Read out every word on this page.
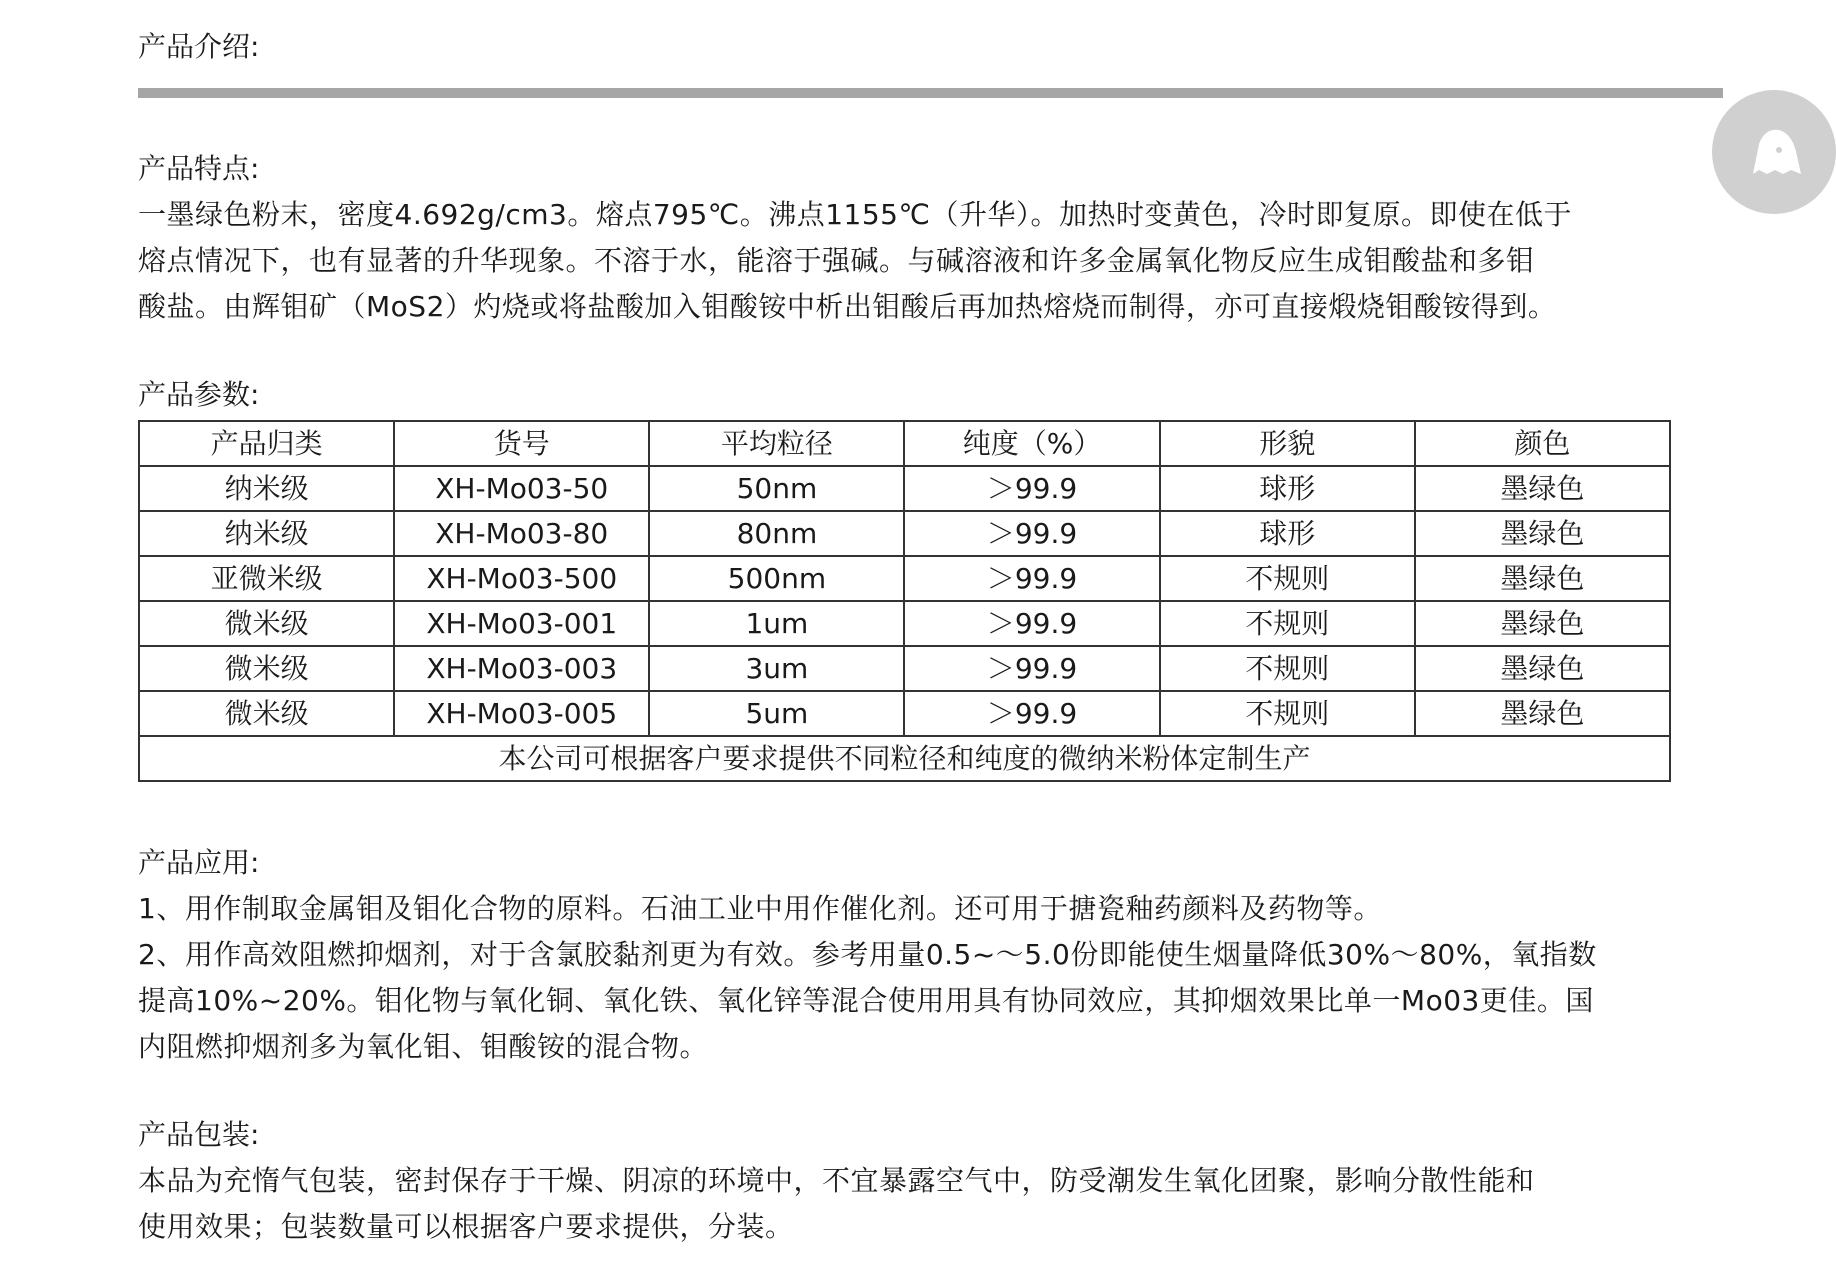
产品介绍:

产品特点:

一墨绿色粉末，密度4.692g/cm3。熔点795℃。沸点1155℃（升华）。加热时变黄色，冷时即复原。即使在低于

熔点情况下，也有显著的升华现象。不溶于水，能溶于强碱。与碱溶液和许多金属氧化物反应生成钼酸盐和多钼

酸盐。由辉钼矿（MoS2）灼烧或将盐酸加入钼酸铵中析出钼酸后再加热熔烧而制得，亦可直接煅烧钼酸铵得到。

产品参数:

产品归类	货号	平均粒径	纯度（%）	形貌	颜色
纳米级	XH-Mo03-50	50nm	＞99.9	球形	墨绿色
纳米级	XH-Mo03-80	80nm	＞99.9	球形	墨绿色
亚微米级	XH-Mo03-500	500nm	＞99.9	不规则	墨绿色
微米级	XH-Mo03-001	1um	＞99.9	不规则	墨绿色
微米级	XH-Mo03-003	3um	＞99.9	不规则	墨绿色
微米级	XH-Mo03-005	5um	＞99.9	不规则	墨绿色
本公司可根据客户要求提供不同粒径和纯度的微纳米粉体定制生产					

产品应用:

1、用作制取金属钼及钼化合物的原料。石油工业中用作催化剂。还可用于搪瓷釉药颜料及药物等。

2、用作高效阻燃抑烟剂，对于含氯胶黏剂更为有效。参考用量0.5~～5.0份即能使生烟量降低30%～80%，氧指数

提高10%~20%。钼化物与氧化铜、氧化铁、氧化锌等混合使用用具有协同效应，其抑烟效果比单一Mo03更佳。国

内阻燃抑烟剂多为氧化钼、钼酸铵的混合物。

产品包装:

本品为充惰气包装，密封保存于干燥、阴凉的环境中，不宜暴露空气中，防受潮发生氧化团聚，影响分散性能和

使用效果；包装数量可以根据客户要求提供，分装。
